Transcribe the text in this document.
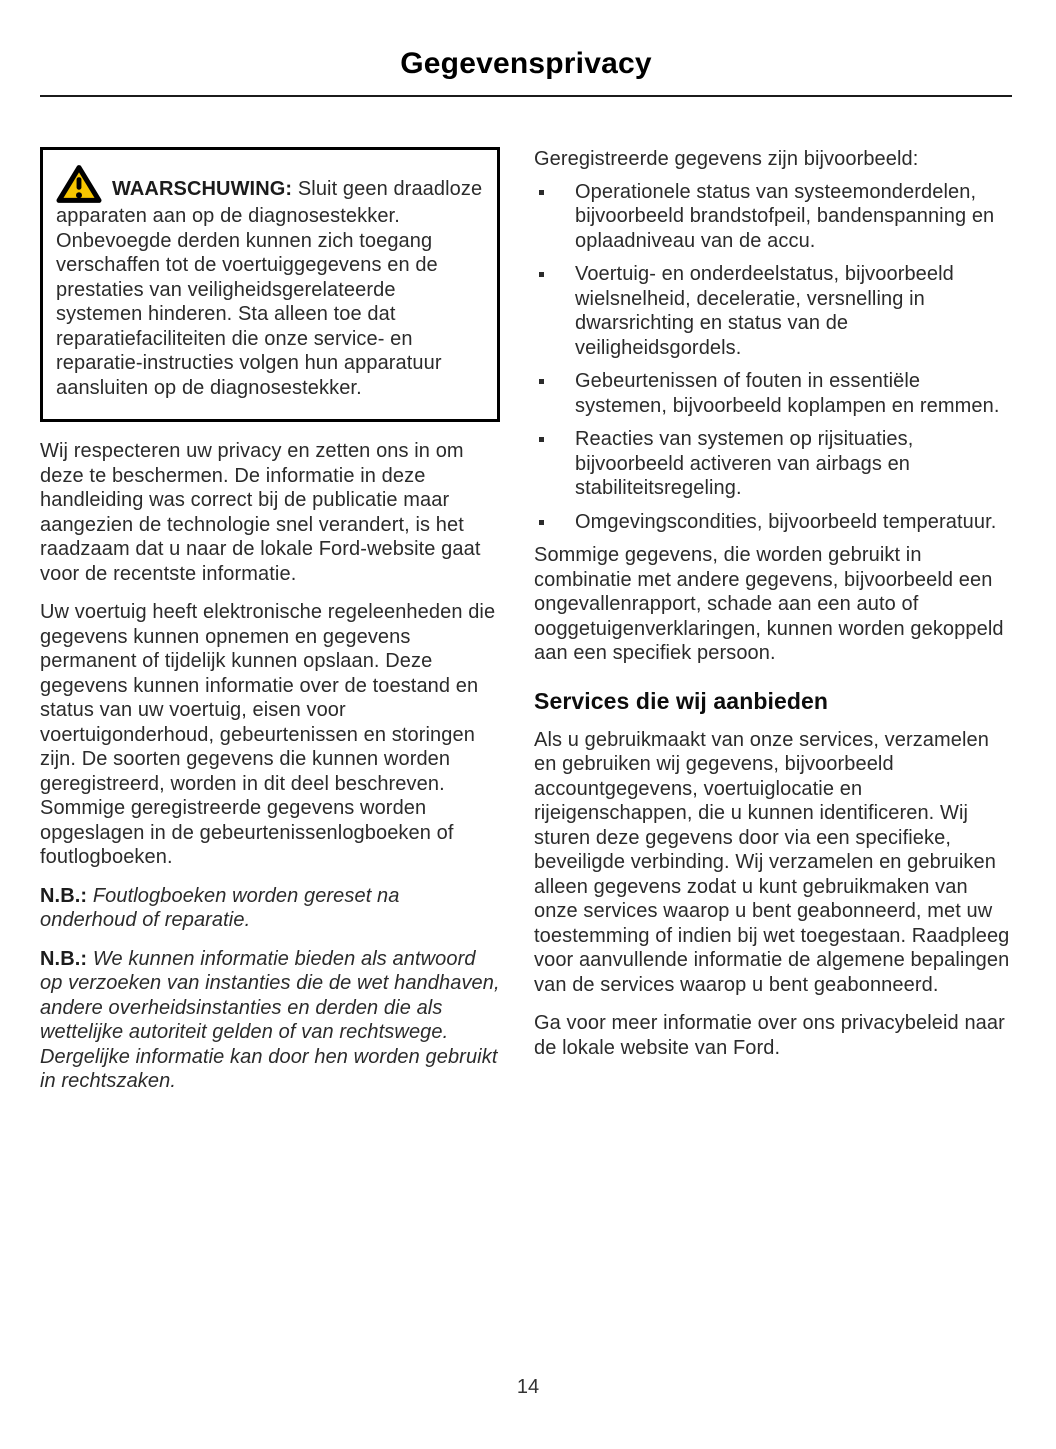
Gegevensprivacy
WAARSCHUWING: Sluit geen draadloze apparaten aan op de diagnosestekker. Onbevoegde derden kunnen zich toegang verschaffen tot de voertuiggegevens en de prestaties van veiligheidsgerelateerde systemen hinderen. Sta alleen toe dat reparatiefaciliteiten die onze service- en reparatie-instructies volgen hun apparatuur aansluiten op de diagnosestekker.

Wij respecteren uw privacy en zetten ons in om deze te beschermen. De informatie in deze handleiding was correct bij de publicatie maar aangezien de technologie snel verandert, is het raadzaam dat u naar de lokale Ford-website gaat voor de recentste informatie.

Uw voertuig heeft elektronische regeleenheden die gegevens kunnen opnemen en gegevens permanent of tijdelijk kunnen opslaan. Deze gegevens kunnen informatie over de toestand en status van uw voertuig, eisen voor voertuigonderhoud, gebeurtenissen en storingen zijn. De soorten gegevens die kunnen worden geregistreerd, worden in dit deel beschreven. Sommige geregistreerde gegevens worden opgeslagen in de gebeurtenissenlogboeken of foutlogboeken.

N.B.: Foutlogboeken worden gereset na onderhoud of reparatie.

N.B.: We kunnen informatie bieden als antwoord op verzoeken van instanties die de wet handhaven, andere overheidsinstanties en derden die als wettelijke autoriteit gelden of van rechtswege. Dergelijke informatie kan door hen worden gebruikt in rechtszaken.

Geregistreerde gegevens zijn bijvoorbeeld:

Operationele status van systeemonderdelen, bijvoorbeeld brandstofpeil, bandenspanning en oplaadniveau van de accu.
Voertuig- en onderdeelstatus, bijvoorbeeld wielsnelheid, deceleratie, versnelling in dwarsrichting en status van de veiligheidsgordels.
Gebeurtenissen of fouten in essentiële systemen, bijvoorbeeld koplampen en remmen.
Reacties van systemen op rijsituaties, bijvoorbeeld activeren van airbags en stabiliteitsregeling.
Omgevingscondities, bijvoorbeeld temperatuur.

Sommige gegevens, die worden gebruikt in combinatie met andere gegevens, bijvoorbeeld een ongevallenrapport, schade aan een auto of ooggetuigenverklaringen, kunnen worden gekoppeld aan een specifiek persoon.

Services die wij aanbieden

Als u gebruikmaakt van onze services, verzamelen en gebruiken wij gegevens, bijvoorbeeld accountgegevens, voertuiglocatie en rijeigenschappen, die u kunnen identificeren. Wij sturen deze gegevens door via een specifieke, beveiligde verbinding. Wij verzamelen en gebruiken alleen gegevens zodat u kunt gebruikmaken van onze services waarop u bent geabonneerd, met uw toestemming of indien bij wet toegestaan. Raadpleeg voor aanvullende informatie de algemene bepalingen van de services waarop u bent geabonneerd.

Ga voor meer informatie over ons privacybeleid naar de lokale website van Ford.

14
